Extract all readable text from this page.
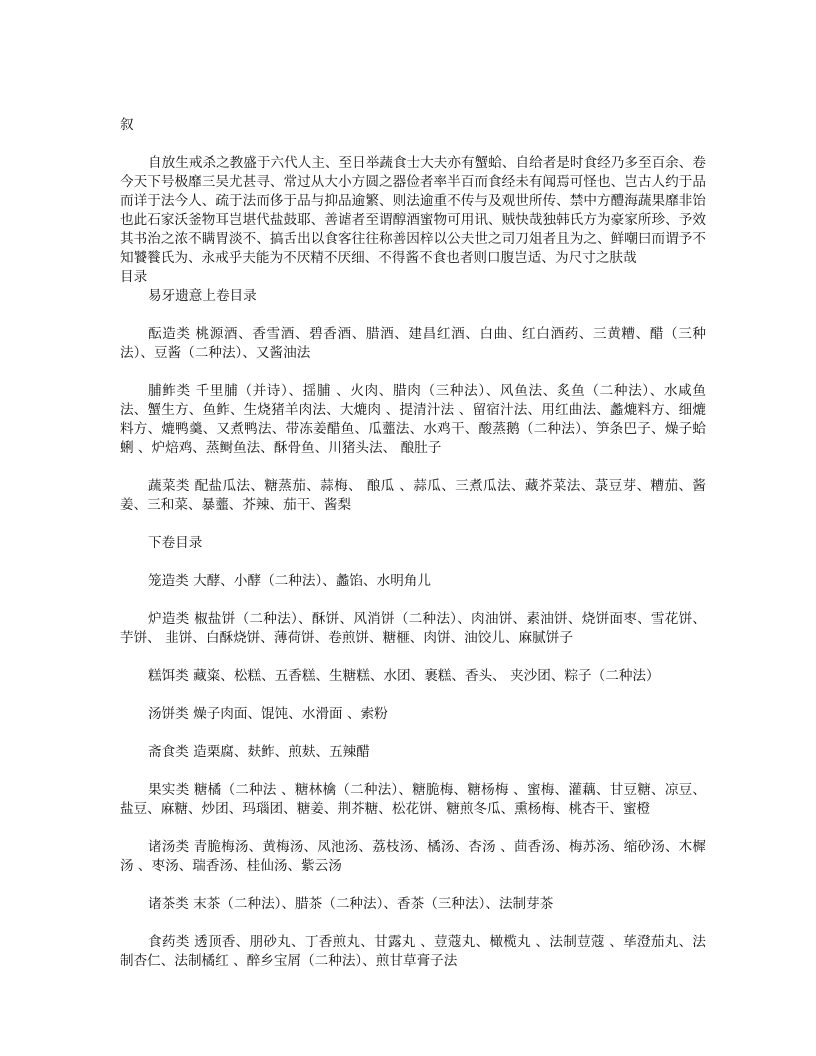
叙

自放生戒杀之教盛于六代人主、至日举蔬食士大夫亦有蟹蛤、自给者是时食经乃多至百余、卷今天下号极靡三吴尤甚寻、常过从大小方圆之器俭者率半百而食经未有闻焉可怪也、岂古人约于品而详于法今人、疏于法而侈于品与抑品逾繁、则法逾重不传与及观世所传、禁中方醴海蔬果靡非饴也此石家沃釜物耳岂堪代盐鼓耶、善谑者至谓醇酒蜜物可用讯、贼快哉独韩氏方为豪家所珍、予效其书治之浓不瞒胃淡不、搞舌出以食客往往称善因梓以公夫世之司刀俎者且为之、鲜嘲曰而谓予不知饕餮氏为、永戒乎夫能为不厌精不厌细、不得酱不食也者则口腹岂适、为尺寸之肤哉

目录

易牙遗意上卷目录

酝造类 桃源酒、香雪酒、碧香酒、腊酒、建昌红酒、白曲、红白酒药、三黄糟、醋（三种法）、豆酱（二种法）、又酱油法

脯鲊类 千里脯（并诗）、揺脯 、火肉、腊肉（三种法）、风鱼法、炙鱼（二种法）、水咸鱼法、蟹生方、鱼鲊、生烧猪羊肉法、大熝肉 、提清汁法 、留宿汁法、用红曲法、蠡熝料方、细熝料方、熝鸭羹、又煮鸭法、带冻姜醋鱼、瓜虀法、水鸡干、酸蒸鹅（二种法）、笋条巴子、燥子蛤蜊 、炉焙鸡、蒸鲥鱼法、酥骨鱼、川猪头法、 酿肚子

蔬菜类 配盐瓜法、糖蒸茄、蒜梅、 酿瓜 、蒜瓜、三煮瓜法、藏芥菜法、菉豆芽、糟茄、酱姜、三和菜、暴虀、芥辣、茄干、酱梨

下卷目录

笼造类 大酵、小酵（二种法）、蠡馅、水明角儿

炉造类 椒盐饼（二种法）、酥饼、风消饼（二种法）、肉油饼、素油饼、烧饼面枣、雪花饼、芋饼、 韭饼、白酥烧饼、薄荷饼、卷煎饼、糖榧、肉饼、油饺儿、麻腻饼子

糕饵类 藏粢、松糕、五香糕、生糖糕、水团、裹糕、香头、 夹沙团、粽子（二种法）

汤饼类 燥子肉面、馄饨、水滑面 、索粉

斋食类 造栗腐、麸鲊、煎麸、五辣醋

果实类 糖橘（二种法 、糖林檎（二种法）、糖脆梅、糖杨梅 、蜜梅、灌藕、甘豆糖、凉豆、盐豆、麻糖、炒团、玛瑙团、糖姜、荆芥糖、松花饼、糖煎冬瓜、熏杨梅、桃杏干、蜜橙

诸汤类 青脆梅汤、黄梅汤、凤池汤、荔枝汤、橘汤、杏汤 、茴香汤、梅苏汤、缩砂汤、木樨汤 、枣汤、瑞香汤、桂仙汤、紫云汤

诸茶类 末茶（二种法）、腊茶（二种法）、香茶（三种法）、法制芽茶

食药类 透顶香、朋砂丸、丁香煎丸、甘露丸 、荳蔻丸、橄榄丸 、法制荳蔻 、荜澄茄丸、法制杏仁、法制橘红 、醉乡宝屑（二种法）、煎甘草膏子法
